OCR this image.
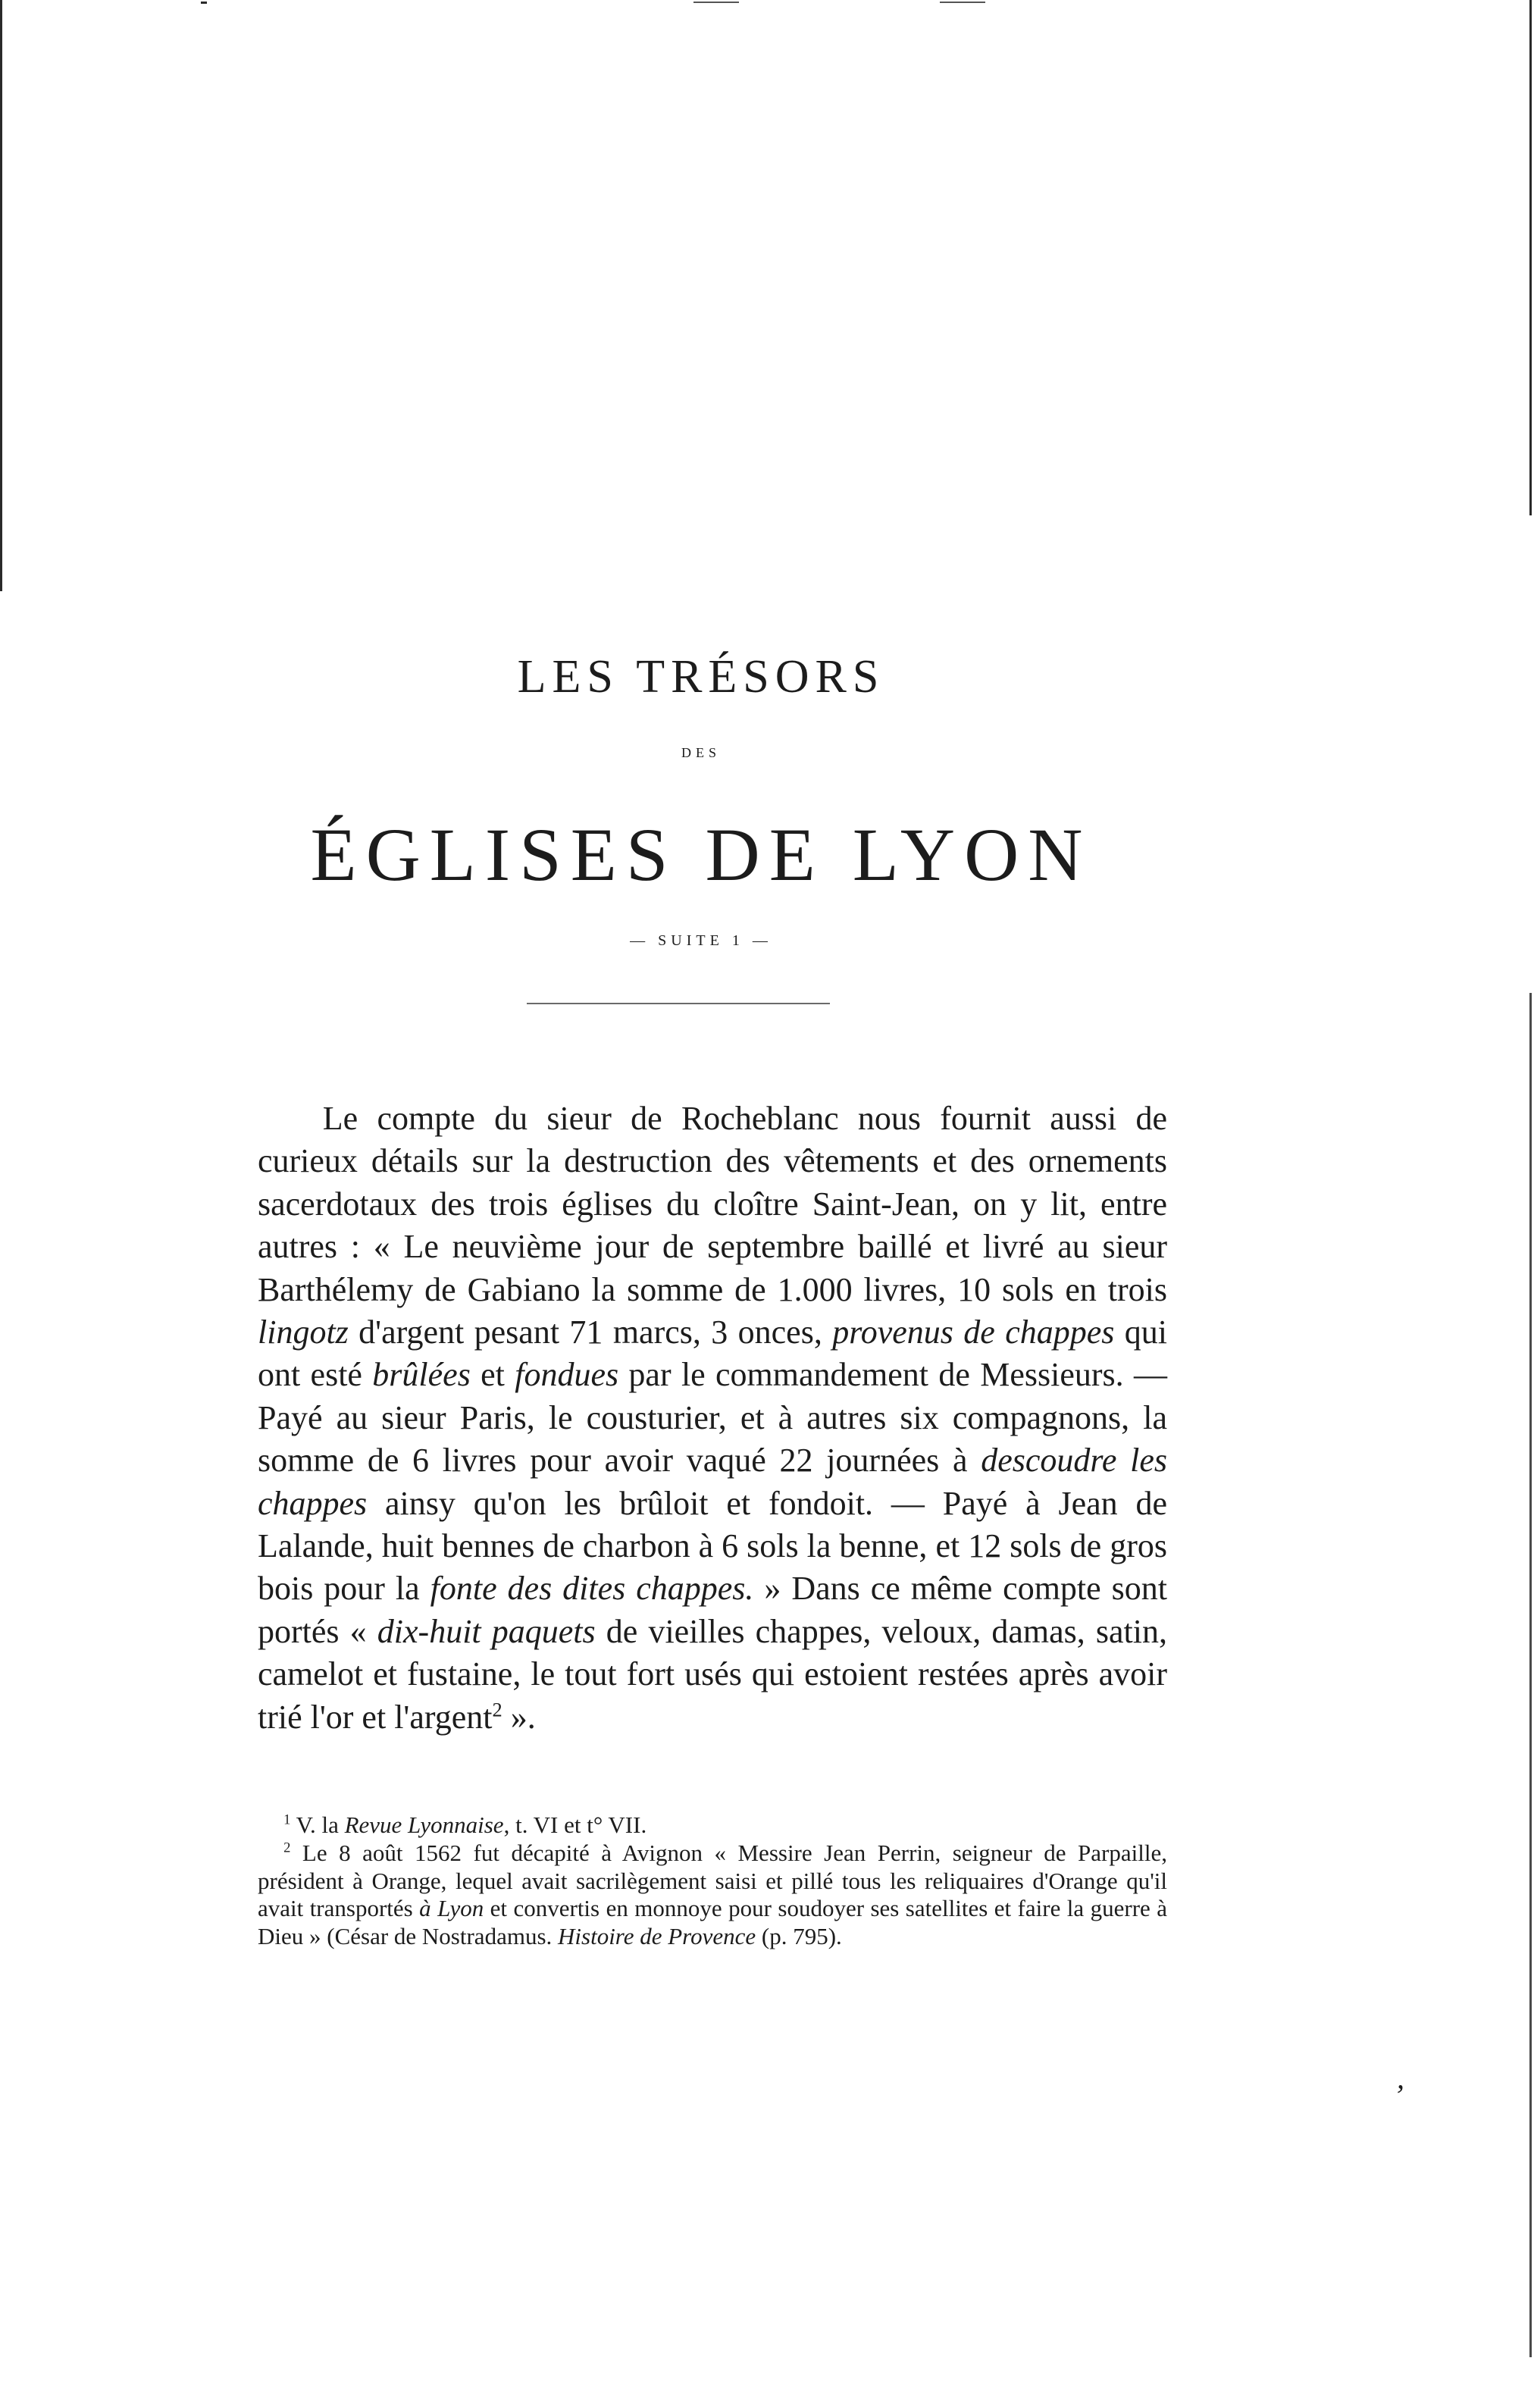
LES TRÉSORS
DES
ÉGLISES DE LYON
— SUITE 1 —
Le compte du sieur de Rocheblanc nous fournit aussi de curieux détails sur la destruction des vêtements et des ornements sacerdotaux des trois églises du cloître Saint-Jean, on y lit, entre autres : « Le neuvième jour de septembre baillé et livré au sieur Barthélemy de Gabiano la somme de 1.000 livres, 10 sols en trois lingotz d'argent pesant 71 marcs, 3 onces, provenus de chappes qui ont esté brûlées et fondues par le commandement de Messieurs. — Payé au sieur Paris, le cousturier, et à autres six compagnons, la somme de 6 livres pour avoir vaqué 22 journées à descoudre les chappes ainsy qu'on les brûloit et fondoit. — Payé à Jean de Lalande, huit bennes de charbon à 6 sols la benne, et 12 sols de gros bois pour la fonte des dites chappes. » Dans ce même compte sont portés « dix-huit paquets de vieilles chappes, veloux, damas, satin, camelot et fustaine, le tout fort usés qui estoient restées après avoir trié l'or et l'argent$^2$ ».

$^1$ V. la Revue Lyonnaise, t. VI et t° VII.

$^2$ Le 8 août 1562 fut décapité à Avignon « Messire Jean Perrin, seigneur de Parpaille, président à Orange, lequel avait sacrilègement saisi et pillé tous les reliquaires d'Orange qu'il avait transportés à Lyon et convertis en monnoye pour soudoyer ses satellites et faire la guerre à Dieu » (César de Nostradamus. Histoire de Provence (p. 795).

,
